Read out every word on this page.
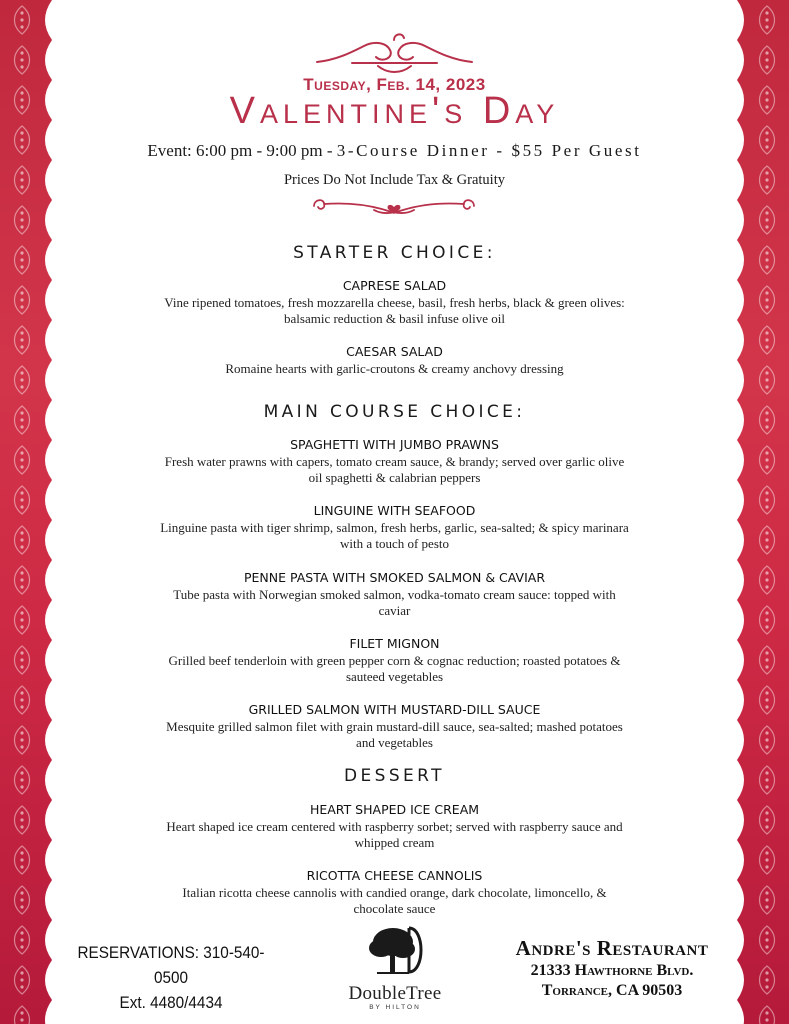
Tuesday, Feb. 14, 2023
Valentine's Day
Event: 6:00 pm - 9:00 pm - 3-Course Dinner - $55 Per Guest
Prices Do Not Include Tax & Gratuity
STARTER CHOICE:
CAPRESE SALAD
Vine ripened tomatoes, fresh mozzarella cheese, basil, fresh herbs, black & green olives: balsamic reduction & basil infuse olive oil
CAESAR SALAD
Romaine hearts with garlic-croutons & creamy anchovy dressing
MAIN COURSE CHOICE:
SPAGHETTI WITH JUMBO PRAWNS
Fresh water prawns with capers, tomato cream sauce, & brandy; served over garlic olive oil spaghetti & calabrian peppers
LINGUINE WITH SEAFOOD
Linguine pasta with tiger shrimp, salmon, fresh herbs, garlic, sea-salted; & spicy marinara with a touch of pesto
PENNE PASTA WITH SMOKED SALMON & CAVIAR
Tube pasta with Norwegian smoked salmon, vodka-tomato cream sauce: topped with caviar
FILET MIGNON
Grilled beef tenderloin with green pepper corn & cognac reduction; roasted potatoes & sauteed vegetables
GRILLED SALMON WITH MUSTARD-DILL SAUCE
Mesquite grilled salmon filet with grain mustard-dill sauce, sea-salted; mashed potatoes and vegetables
DESSERT
HEART SHAPED ICE CREAM
Heart shaped ice cream centered with raspberry sorbet; served with raspberry sauce and whipped cream
RICOTTA CHEESE CANNOLIS
Italian ricotta cheese cannolis with candied orange, dark chocolate, limoncello, & chocolate sauce
RESERVATIONS: 310-540-0500
Ext. 4480/4434	DoubleTree
BY HILTON
Andre's Restaurant
21333 Hawthorne Blvd.
Torrance, CA 90503
